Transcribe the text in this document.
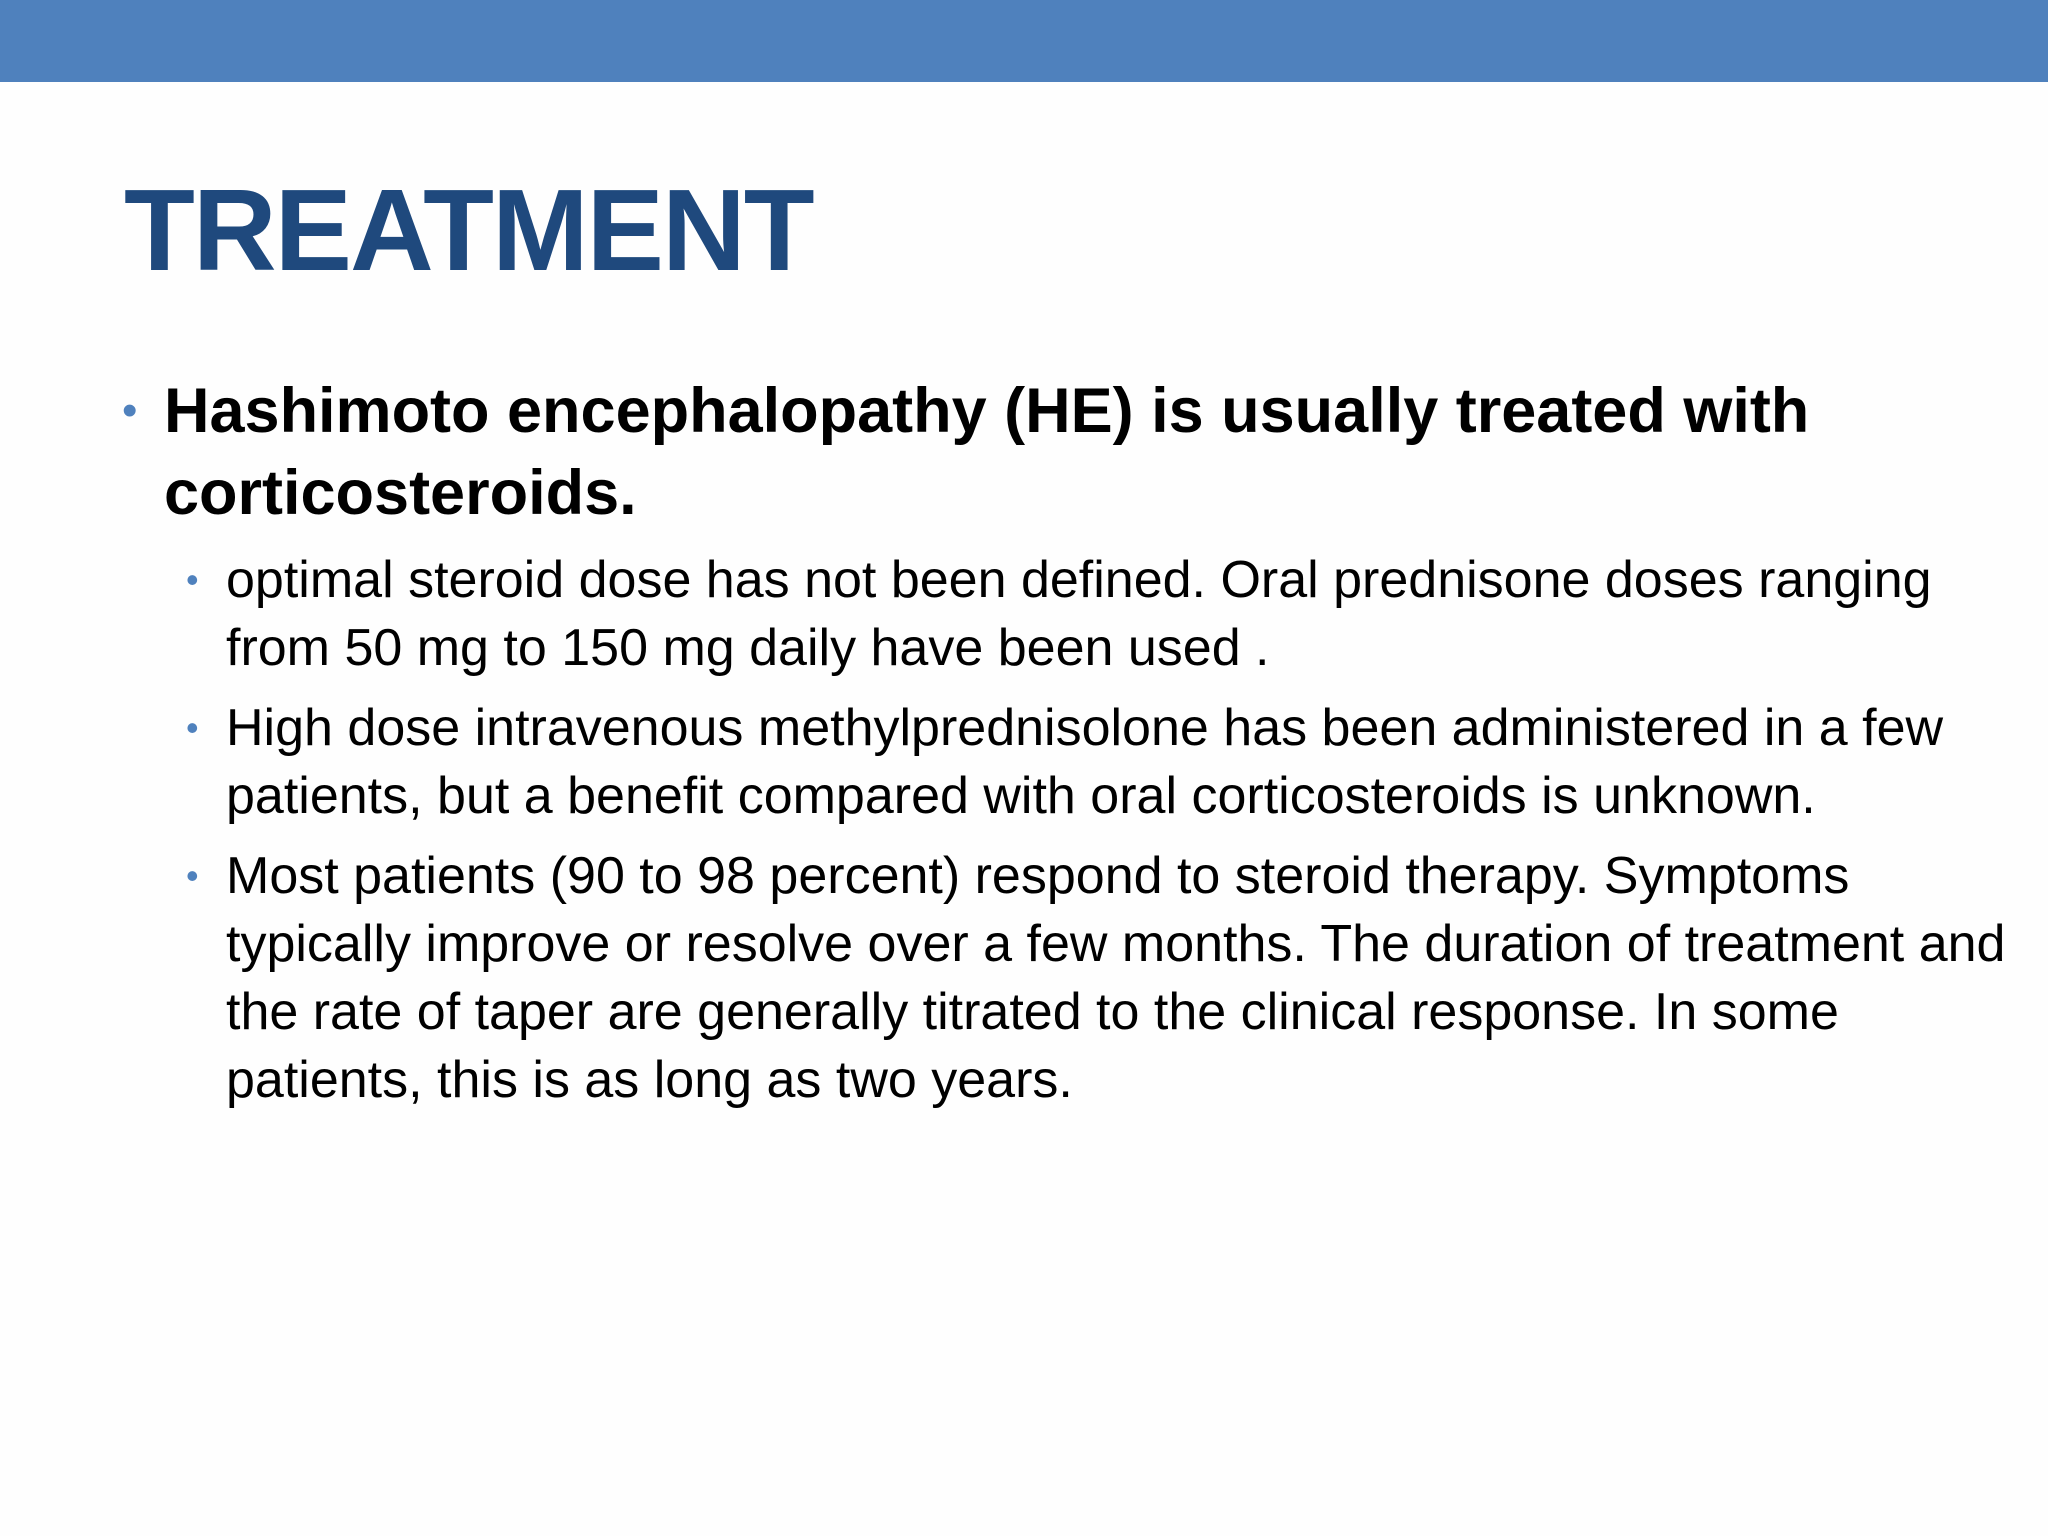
TREATMENT
• Hashimoto encephalopathy (HE) is usually treated with corticosteroids.
• optimal steroid dose has not been defined. Oral prednisone doses ranging from 50 mg to 150 mg daily have been used .
• High dose intravenous methylprednisolone has been administered in a few patients, but a benefit compared with oral corticosteroids is unknown.
• Most patients (90 to 98 percent) respond to steroid therapy. Symptoms typically improve or resolve over a few months. The duration of treatment and the rate of taper are generally titrated to the clinical response. In some patients, this is as long as two years.
